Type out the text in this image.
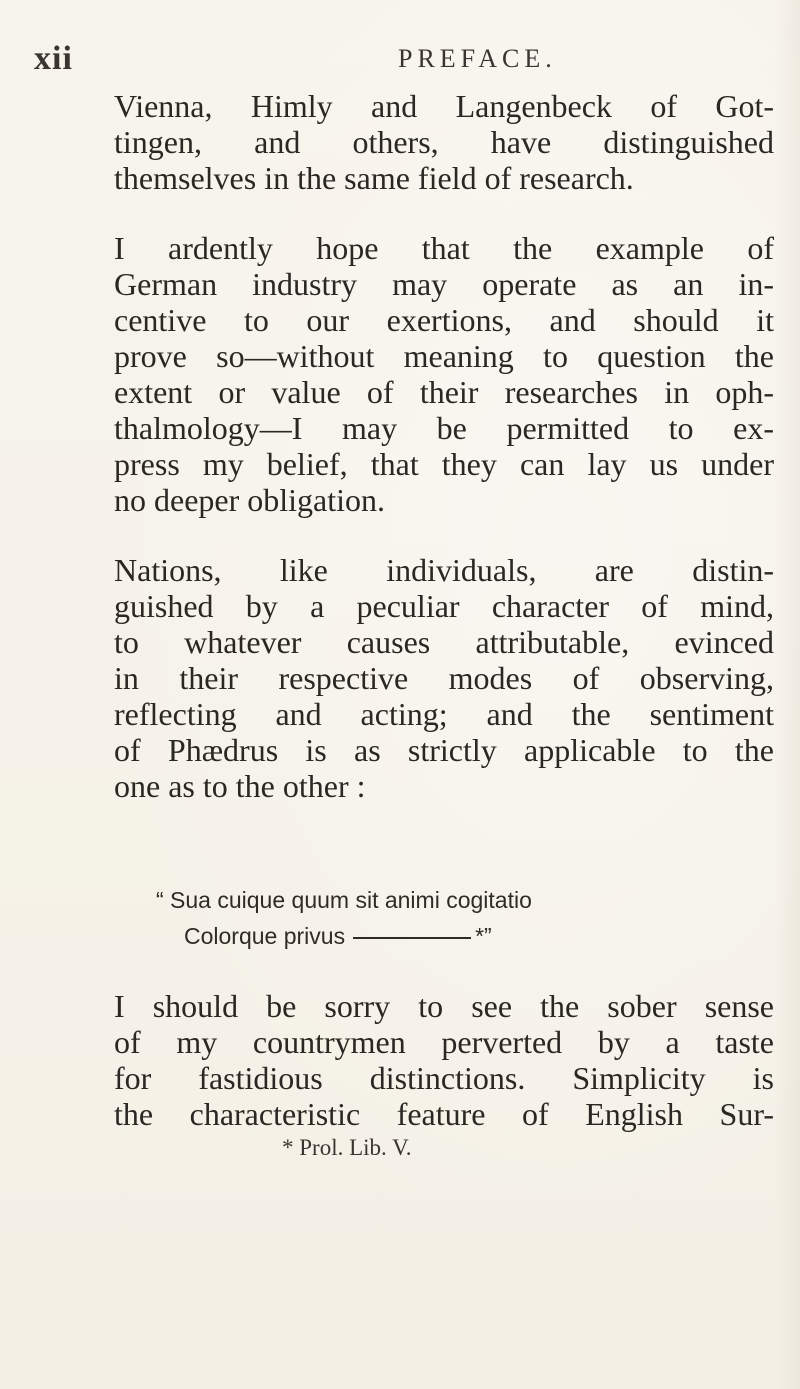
xii	PREFACE.
Vienna, Himly and Langenbeck of Got-
tingen, and others, have distinguished
themselves in the same field of research.
I ardently hope that the example of
German industry may operate as an in-
centive to our exertions, and should it
prove so—without meaning to question the
extent or value of their researches in oph-
thalmology—I may be permitted to ex-
press my belief, that they can lay us under
no deeper obligation.
Nations, like individuals, are distin-
guished by a peculiar character of mind,
to whatever causes attributable, evinced
in their respective modes of observing,
reflecting and acting; and the sentiment
of Phædrus is as strictly applicable to the
one as to the other :
“ Sua cuique quum sit animi cogitatio
Colorque privus	*”
I should be sorry to see the sober sense
of my countrymen perverted by a taste
for fastidious distinctions. Simplicity is
the characteristic feature of English Sur-
* Prol. Lib. V.
